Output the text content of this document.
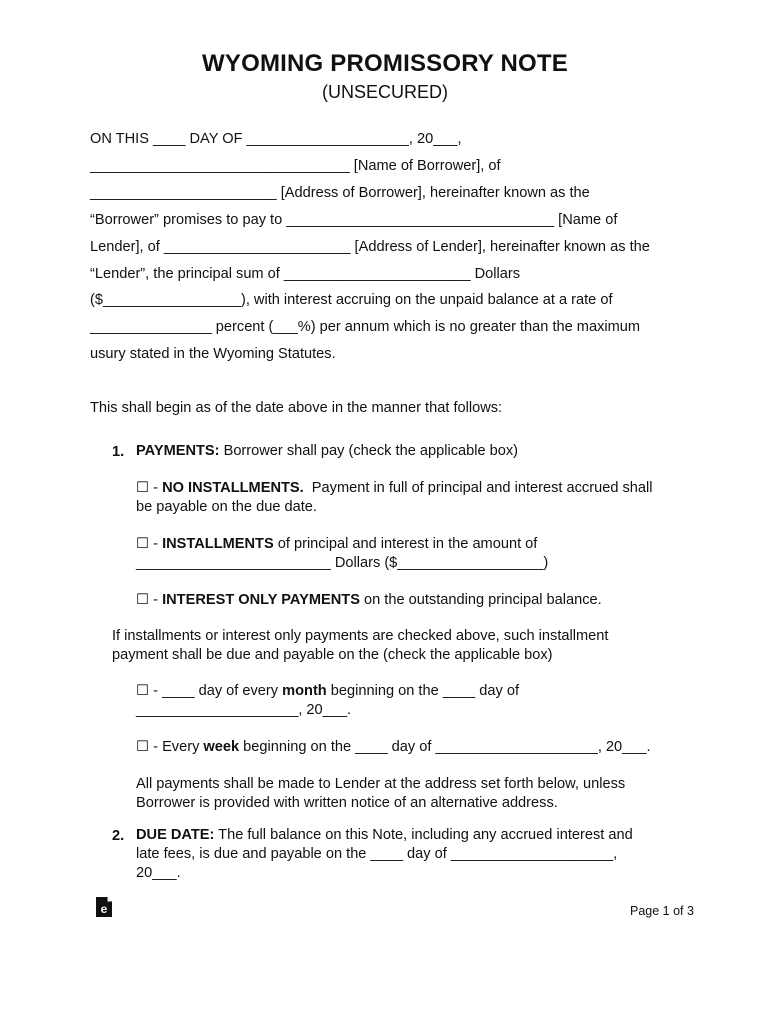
WYOMING PROMISSORY NOTE
(UNSECURED)
ON THIS ____ DAY OF ____________________, 20___,
________________________________ [Name of Borrower], of
_______________________ [Address of Borrower], hereinafter known as the
“Borrower” promises to pay to _________________________________ [Name of
Lender], of _______________________ [Address of Lender], hereinafter known as the
“Lender”, the principal sum of _______________________ Dollars
($_________________), with interest accruing on the unpaid balance at a rate of
_______________ percent (___%) per annum which is no greater than the maximum
usury stated in the Wyoming Statutes.
This shall begin as of the date above in the manner that follows:
1. PAYMENTS: Borrower shall pay (check the applicable box)
☐ - NO INSTALLMENTS.  Payment in full of principal and interest accrued shall
be payable on the due date.
☐ - INSTALLMENTS of principal and interest in the amount of
________________________ Dollars ($__________________)
☐ - INTEREST ONLY PAYMENTS on the outstanding principal balance.
If installments or interest only payments are checked above, such installment
payment shall be due and payable on the (check the applicable box)
☐ - ____ day of every month beginning on the ____ day of
____________________, 20___.
☐ - Every week beginning on the ____ day of ____________________, 20___.
All payments shall be made to Lender at the address set forth below, unless
Borrower is provided with written notice of an alternative address.
2. DUE DATE: The full balance on this Note, including any accrued interest and
late fees, is due and payable on the ____ day of ____________________,
20___.
e	Page 1 of 3
